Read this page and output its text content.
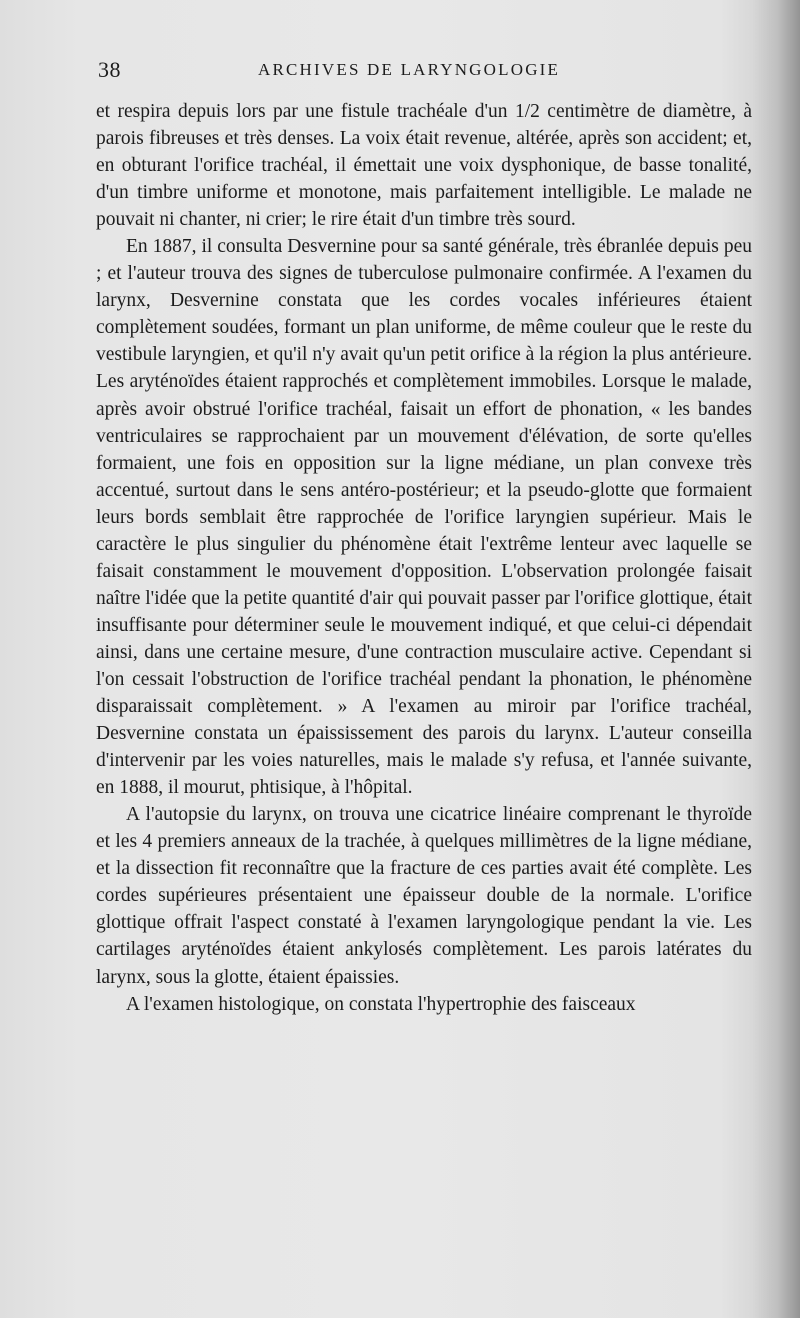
38	ARCHIVES DE LARYNGOLOGIE

et respira depuis lors par une fistule trachéale d'un 1/2 centimètre de diamètre, à parois fibreuses et très denses. La voix était revenue, altérée, après son accident; et, en obturant l'orifice trachéal, il émettait une voix dysphonique, de basse tonalité, d'un timbre uniforme et monotone, mais parfaitement intelligible. Le malade ne pouvait ni chanter, ni crier; le rire était d'un timbre très sourd.

En 1887, il consulta Desvernine pour sa santé générale, très ébranlée depuis peu ; et l'auteur trouva des signes de tuberculose pulmonaire confirmée. A l'examen du larynx, Desvernine constata que les cordes vocales inférieures étaient complètement soudées, formant un plan uniforme, de même couleur que le reste du vestibule laryngien, et qu'il n'y avait qu'un petit orifice à la région la plus antérieure. Les aryténoïdes étaient rapprochés et complètement immobiles. Lorsque le malade, après avoir obstrué l'orifice trachéal, faisait un effort de phonation, « les bandes ventriculaires se rapprochaient par un mouvement d'élévation, de sorte qu'elles formaient, une fois en opposition sur la ligne médiane, un plan convexe très accentué, surtout dans le sens antéro-postérieur; et la pseudo-glotte que formaient leurs bords semblait être rapprochée de l'orifice laryngien supérieur. Mais le caractère le plus singulier du phénomène était l'extrême lenteur avec laquelle se faisait constamment le mouvement d'opposition. L'observation prolongée faisait naître l'idée que la petite quantité d'air qui pouvait passer par l'orifice glottique, était insuffisante pour déterminer seule le mouvement indiqué, et que celui-ci dépendait ainsi, dans une certaine mesure, d'une contraction musculaire active. Cependant si l'on cessait l'obstruction de l'orifice trachéal pendant la phonation, le phénomène disparaissait complètement. » A l'examen au miroir par l'orifice trachéal, Desvernine constata un épaississement des parois du larynx. L'auteur conseilla d'intervenir par les voies naturelles, mais le malade s'y refusa, et l'année suivante, en 1888, il mourut, phtisique, à l'hôpital.

A l'autopsie du larynx, on trouva une cicatrice linéaire comprenant le thyroïde et les 4 premiers anneaux de la trachée, à quelques millimètres de la ligne médiane, et la dissection fit reconnaître que la fracture de ces parties avait été complète. Les cordes supérieures présentaient une épaisseur double de la normale. L'orifice glottique offrait l'aspect constaté à l'examen laryngologique pendant la vie. Les cartilages aryténoïdes étaient ankylosés complètement. Les parois latérates du larynx, sous la glotte, étaient épaissies.

A l'examen histologique, on constata l'hypertrophie des faisceaux
